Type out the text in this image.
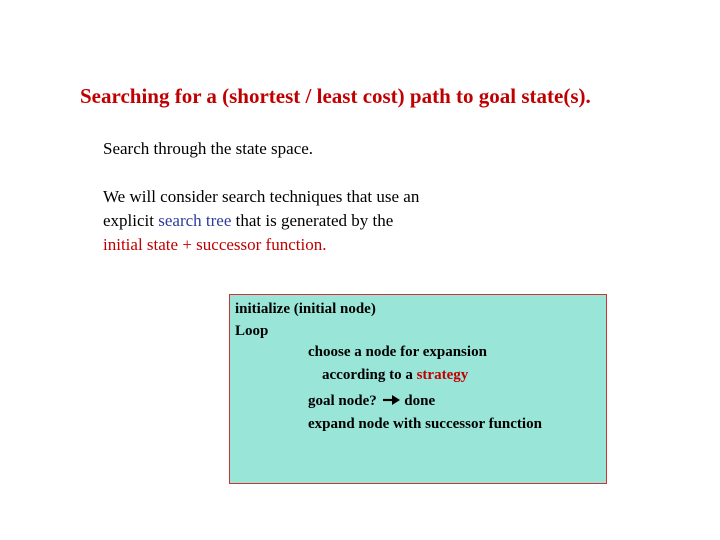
Searching for a (shortest / least cost) path to goal state(s).
Search through the state space.
We will consider search techniques that use an
explicit search tree that is generated by the
initial state + successor function.
initialize (initial node)
Loop
choose a node for expansion
according to a strategy
goal node? done
expand node with successor function
